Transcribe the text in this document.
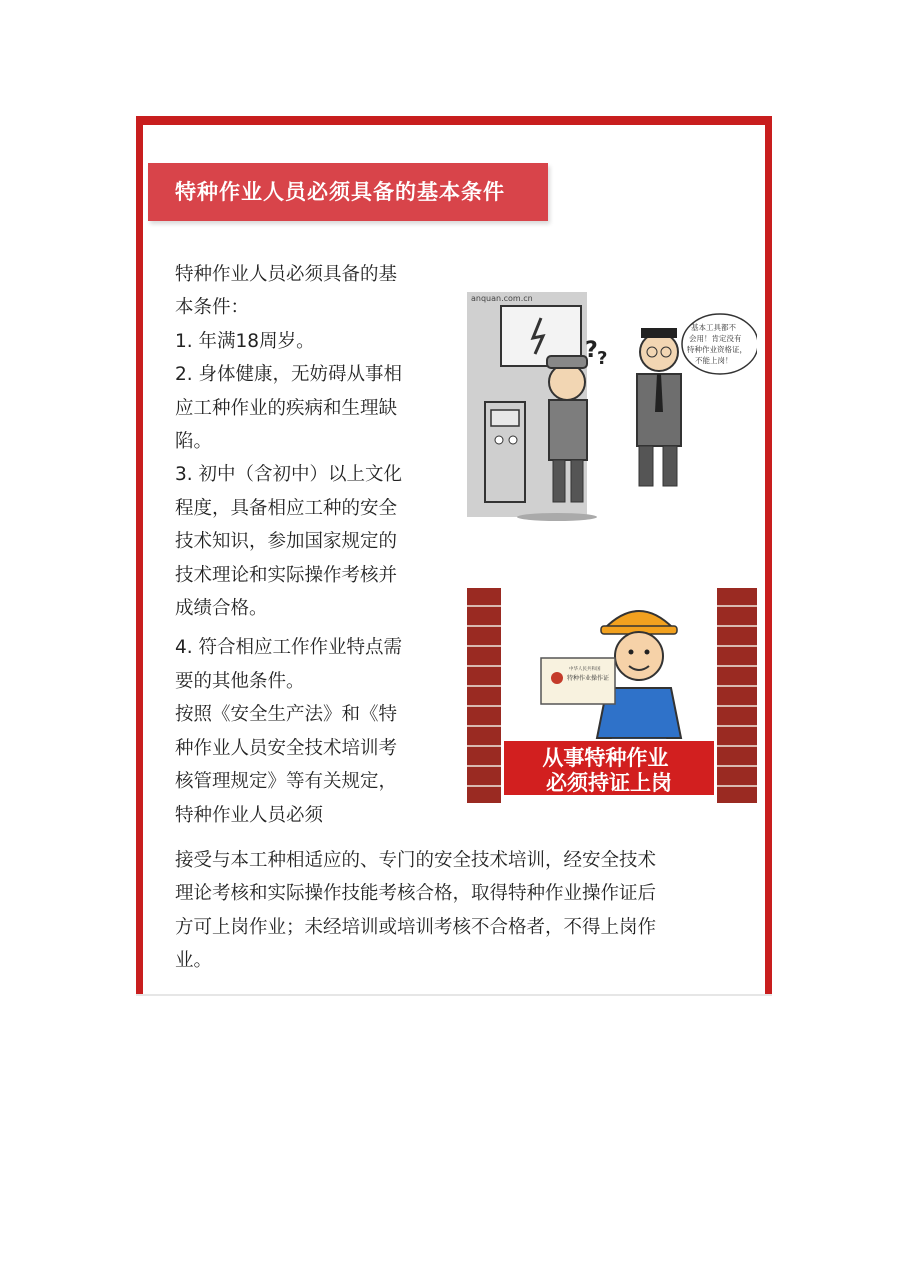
特种作业人员必须具备的基本条件

特种作业人员必须具备的基

本条件：

1. 年满18周岁。

2. 身体健康，无妨碍从事相

应工种作业的疾病和生理缺

陷。

3. 初中（含初中）以上文化

程度，具备相应工种的安全

技术知识，参加国家规定的

技术理论和实际操作考核并

成绩合格。

4. 符合相应工作作业特点需

要的其他条件。

按照《安全生产法》和《特

种作业人员安全技术培训考

核管理规定》等有关规定，

特种作业人员必须

anquan.com.cn
? ?
基本工具都不 会用！肯定没有 特种作业资格证， 不能上岗！
中华人民共和国
特种作业操作证
从事特种作业 必须持证上岗
接受与本工种相适应的、专门的安全技术培训，经安全技术
理论考核和实际操作技能考核合格，取得特种作业操作证后
方可上岗作业；未经培训或培训考核不合格者，不得上岗作
业。
